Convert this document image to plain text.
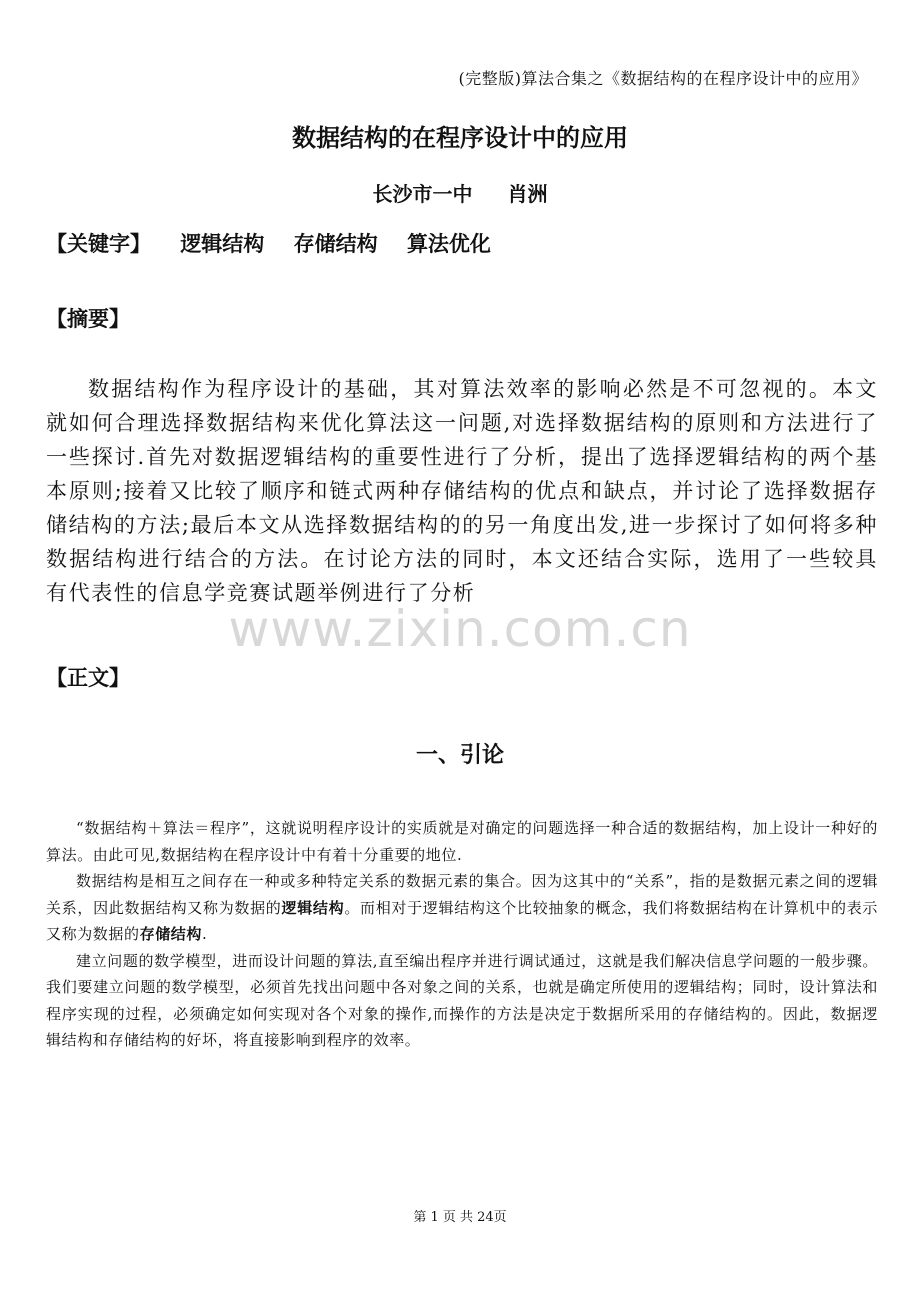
(完整版)算法合集之《数据结构的在程序设计中的应用》
数据结构的在程序设计中的应用
长沙市一中 肖洲
【关键字】 逻辑结构 存储结构 算法优化
【摘要】

数据结构作为程序设计的基础，其对算法效率的影响必然是不可忽视的。本文就如何合理选择数据结构来优化算法这一问题,对选择数据结构的原则和方法进行了一些探讨.首先对数据逻辑结构的重要性进行了分析，提出了选择逻辑结构的两个基本原则;接着又比较了顺序和链式两种存储结构的优点和缺点，并讨论了选择数据存储结构的方法;最后本文从选择数据结构的的另一角度出发,进一步探讨了如何将多种数据结构进行结合的方法。在讨论方法的同时，本文还结合实际，选用了一些较具有代表性的信息学竞赛试题举例进行了分析

www.zixin.com.cn
【正文】
一、引论

“数据结构＋算法＝程序”，这就说明程序设计的实质就是对确定的问题选择一种合适的数据结构，加上设计一种好的算法。由此可见,数据结构在程序设计中有着十分重要的地位.

数据结构是相互之间存在一种或多种特定关系的数据元素的集合。因为这其中的“关系”，指的是数据元素之间的逻辑关系，因此数据结构又称为数据的逻辑结构。而相对于逻辑结构这个比较抽象的概念，我们将数据结构在计算机中的表示又称为数据的存储结构.

建立问题的数学模型，进而设计问题的算法,直至编出程序并进行调试通过，这就是我们解决信息学问题的一般步骤。我们要建立问题的数学模型，必须首先找出问题中各对象之间的关系，也就是确定所使用的逻辑结构；同时，设计算法和程序实现的过程，必须确定如何实现对各个对象的操作,而操作的方法是决定于数据所采用的存储结构的。因此，数据逻辑结构和存储结构的好坏，将直接影响到程序的效率。

第 1 页 共 24页
